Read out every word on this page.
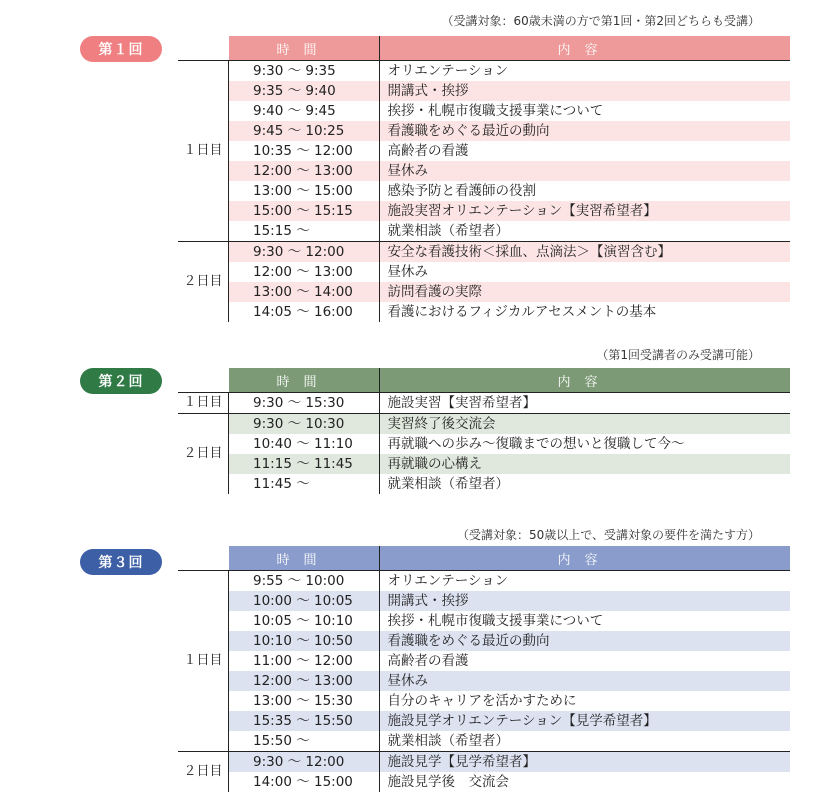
（受講対象：60歳未満の方で第1回・第2回どちらも受講）
第１回
		時間	内容
１日目	9:30 ～ 9:35	オリエンテーション
	9:35 ～ 9:40	開講式・挨拶
	9:40 ～ 9:45	挨拶・札幌市復職支援事業について
	9:45 ～ 10:25	看護職をめぐる最近の動向
	10:35 ～ 12:00	高齢者の看護
	12:00 ～ 13:00	昼休み
	13:00 ～ 15:00	感染予防と看護師の役割
	15:00 ～ 15:15	施設実習オリエンテーション【実習希望者】
	15:15 ～	就業相談（希望者）
２日目	9:30 ～ 12:00	安全な看護技術＜採血、点滴法＞【演習含む】
	12:00 ～ 13:00	昼休み
	13:00 ～ 14:00	訪問看護の実際
	14:05 ～ 16:00	看護におけるフィジカルアセスメントの基本
（第1回受講者のみ受講可能）
第２回
		時間	内容
１日目	9:30 ～ 15:30	施設実習【実習希望者】
２日目	9:30 ～ 10:30	実習終了後交流会
	10:40 ～ 11:10	再就職への歩み～復職までの想いと復職して今～
	11:15 ～ 11:45	再就職の心構え
	11:45 ～	就業相談（希望者）
（受講対象：50歳以上で、受講対象の要件を満たす方）
第３回
		時間	内容
１日目	9:55 ～ 10:00	オリエンテーション
	10:00 ～ 10:05	開講式・挨拶
	10:05 ～ 10:10	挨拶・札幌市復職支援事業について
	10:10 ～ 10:50	看護職をめぐる最近の動向
	11:00 ～ 12:00	高齢者の看護
	12:00 ～ 13:00	昼休み
	13:00 ～ 15:30	自分のキャリアを活かすために
	15:35 ～ 15:50	施設見学オリエンテーション【見学希望者】
	15:50 ～	就業相談（希望者）
２日目	9:30 ～ 12:00	施設見学【見学希望者】
	14:00 ～ 15:00	施設見学後　交流会
